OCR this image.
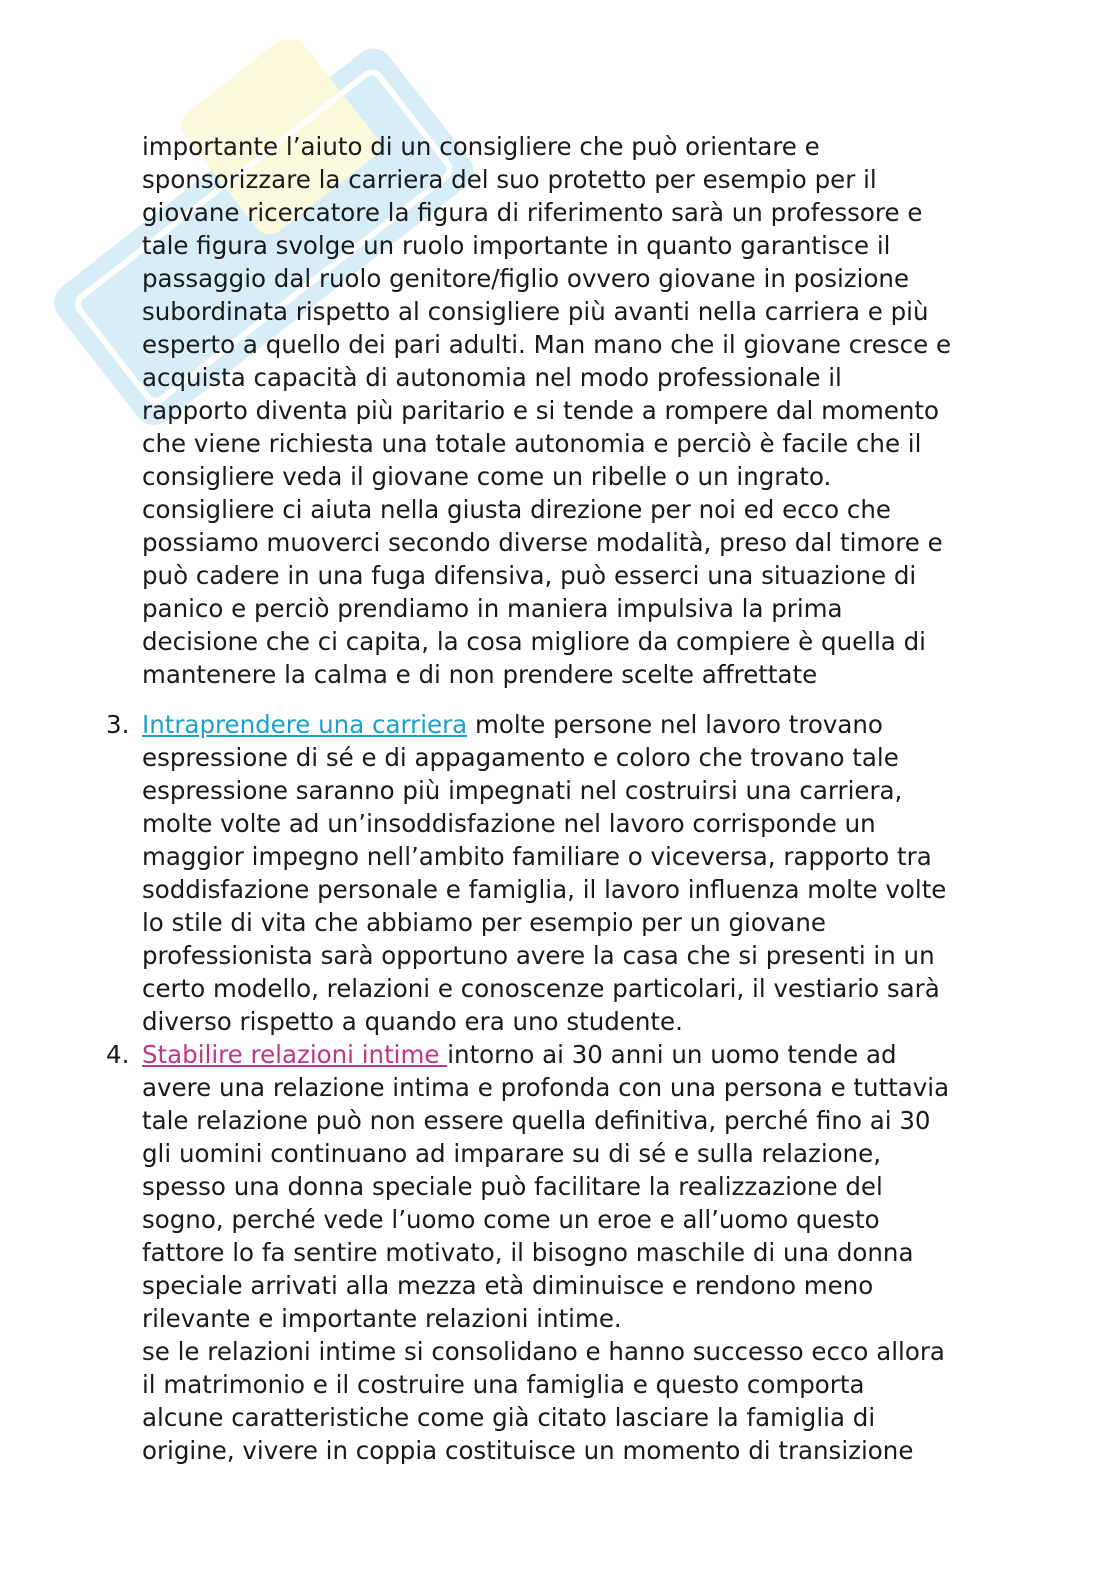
importante l’aiuto di un consigliere che può orientare e
sponsorizzare la carriera del suo protetto per esempio per il
giovane ricercatore la figura di riferimento sarà un professore e
tale figura svolge un ruolo importante in quanto garantisce il
passaggio dal ruolo genitore/figlio ovvero giovane in posizione
subordinata rispetto al consigliere più avanti nella carriera e più
esperto a quello dei pari adulti. Man mano che il giovane cresce e
acquista capacità di autonomia nel modo professionale il
rapporto diventa più paritario e si tende a rompere dal momento
che viene richiesta una totale autonomia e perciò è facile che il
consigliere veda il giovane come un ribelle o un ingrato.
consigliere ci aiuta nella giusta direzione per noi ed ecco che
possiamo muoverci secondo diverse modalità, preso dal timore e
può cadere in una fuga difensiva, può esserci una situazione di
panico e perciò prendiamo in maniera impulsiva la prima
decisione che ci capita, la cosa migliore da compiere è quella di
mantenere la calma e di non prendere scelte affrettate
3. Intraprendere una carriera molte persone nel lavoro trovano
espressione di sé e di appagamento e coloro che trovano tale
espressione saranno più impegnati nel costruirsi una carriera,
molte volte ad un’insoddisfazione nel lavoro corrisponde un
maggior impegno nell’ambito familiare o viceversa, rapporto tra
soddisfazione personale e famiglia, il lavoro influenza molte volte
lo stile di vita che abbiamo per esempio per un giovane
professionista sarà opportuno avere la casa che si presenti in un
certo modello, relazioni e conoscenze particolari, il vestiario sarà
diverso rispetto a quando era uno studente.
4. Stabilire relazioni intime intorno ai 30 anni un uomo tende ad
avere una relazione intima e profonda con una persona e tuttavia
tale relazione può non essere quella definitiva, perché fino ai 30
gli uomini continuano ad imparare su di sé e sulla relazione,
spesso una donna speciale può facilitare la realizzazione del
sogno, perché vede l’uomo come un eroe e all’uomo questo
fattore lo fa sentire motivato, il bisogno maschile di una donna
speciale arrivati alla mezza età diminuisce e rendono meno
rilevante e importante relazioni intime.
se le relazioni intime si consolidano e hanno successo ecco allora
il matrimonio e il costruire una famiglia e questo comporta
alcune caratteristiche come già citato lasciare la famiglia di
origine, vivere in coppia costituisce un momento di transizione
